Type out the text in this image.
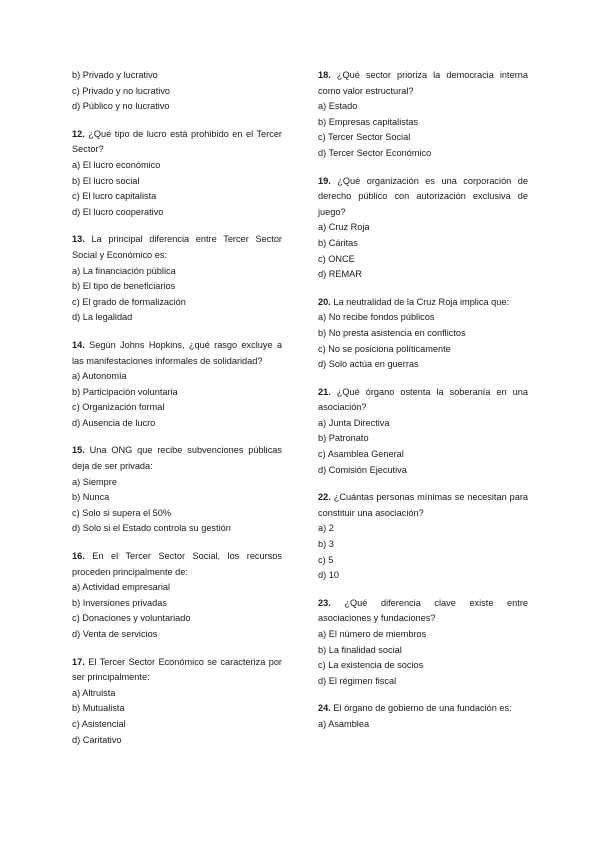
b) Privado y lucrativo

c) Privado y no lucrativo

d) Público y no lucrativo

12. ¿Qué tipo de lucro está prohibido en el Tercer Sector?

a) El lucro económico

b) El lucro social

c) El lucro capitalista

d) El lucro cooperativo

13. La principal diferencia entre Tercer Sector Social y Económico es:

a) La financiación pública

b) El tipo de beneficiarios

c) El grado de formalización

d) La legalidad

14. Según Johns Hopkins, ¿qué rasgo excluye a las manifestaciones informales de solidaridad?

a) Autonomía

b) Participación voluntaria

c) Organización formal

d) Ausencia de lucro

15. Una ONG que recibe subvenciones públicas deja de ser privada:

a) Siempre

b) Nunca

c) Solo si supera el 50%

d) Solo si el Estado controla su gestión

16. En el Tercer Sector Social, los recursos proceden principalmente de:

a) Actividad empresarial

b) Inversiones privadas

c) Donaciones y voluntariado

d) Venta de servicios

17. El Tercer Sector Económico se caracteriza por ser principalmente:

a) Altruista

b) Mutualista

c) Asistencial

d) Caritativo

18. ¿Qué sector prioriza la democracia interna como valor estructural?

a) Estado

b) Empresas capitalistas

c) Tercer Sector Social

d) Tercer Sector Económico

19. ¿Qué organización es una corporación de derecho público con autorización exclusiva de juego?

a) Cruz Roja

b) Cáritas

c) ONCE

d) REMAR

20. La neutralidad de la Cruz Roja implica que:

a) No recibe fondos públicos

b) No presta asistencia en conflictos

c) No se posiciona políticamente

d) Solo actúa en guerras

21. ¿Qué órgano ostenta la soberanía en una asociación?

a) Junta Directiva

b) Patronato

c) Asamblea General

d) Comisión Ejecutiva

22. ¿Cuántas personas mínimas se necesitan para constituir una asociación?

a) 2

b) 3

c) 5

d) 10

23. ¿Qué diferencia clave existe entre asociaciones y fundaciones?

a) El número de miembros

b) La finalidad social

c) La existencia de socios

d) El régimen fiscal

24. El órgano de gobierno de una fundación es:

a) Asamblea
